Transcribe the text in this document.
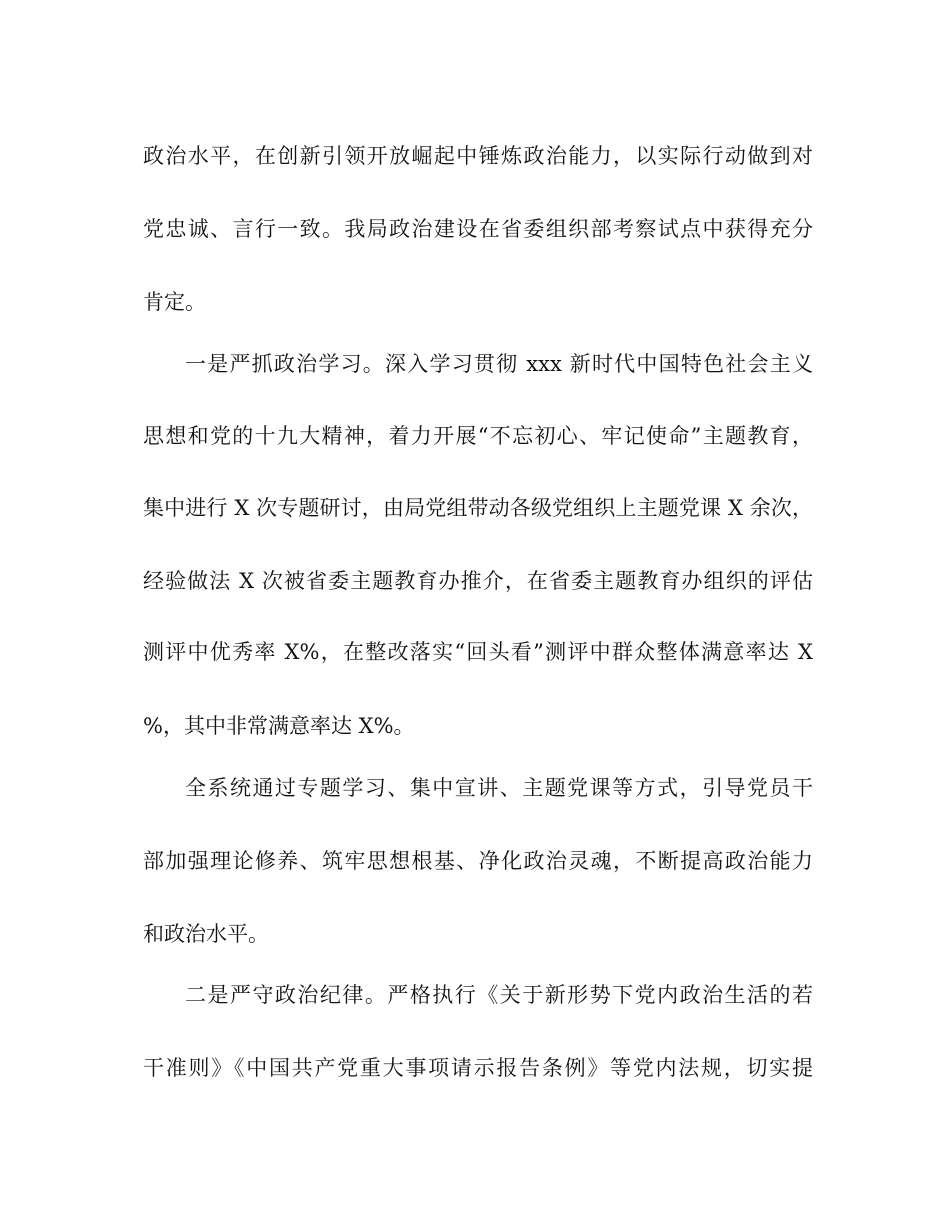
政治水平，在创新引领开放崛起中锤炼政治能力，以实际行动做到对
党忠诚、言行一致。我局政治建设在省委组织部考察试点中获得充分
肯定。
一是严抓政治学习。深入学习贯彻 xxx 新时代中国特色社会主义
思想和党的十九大精神，着力开展“不忘初心、牢记使命”主题教育，
集中进行 X 次专题研讨，由局党组带动各级党组织上主题党课 X 余次，
经验做法 X 次被省委主题教育办推介，在省委主题教育办组织的评估
测评中优秀率 X%，在整改落实“回头看”测评中群众整体满意率达 X
%，其中非常满意率达 X%。
全系统通过专题学习、集中宣讲、主题党课等方式，引导党员干
部加强理论修养、筑牢思想根基、净化政治灵魂，不断提高政治能力
和政治水平。
二是严守政治纪律。严格执行《关于新形势下党内政治生活的若
干准则》《中国共产党重大事项请示报告条例》等党内法规，切实提
